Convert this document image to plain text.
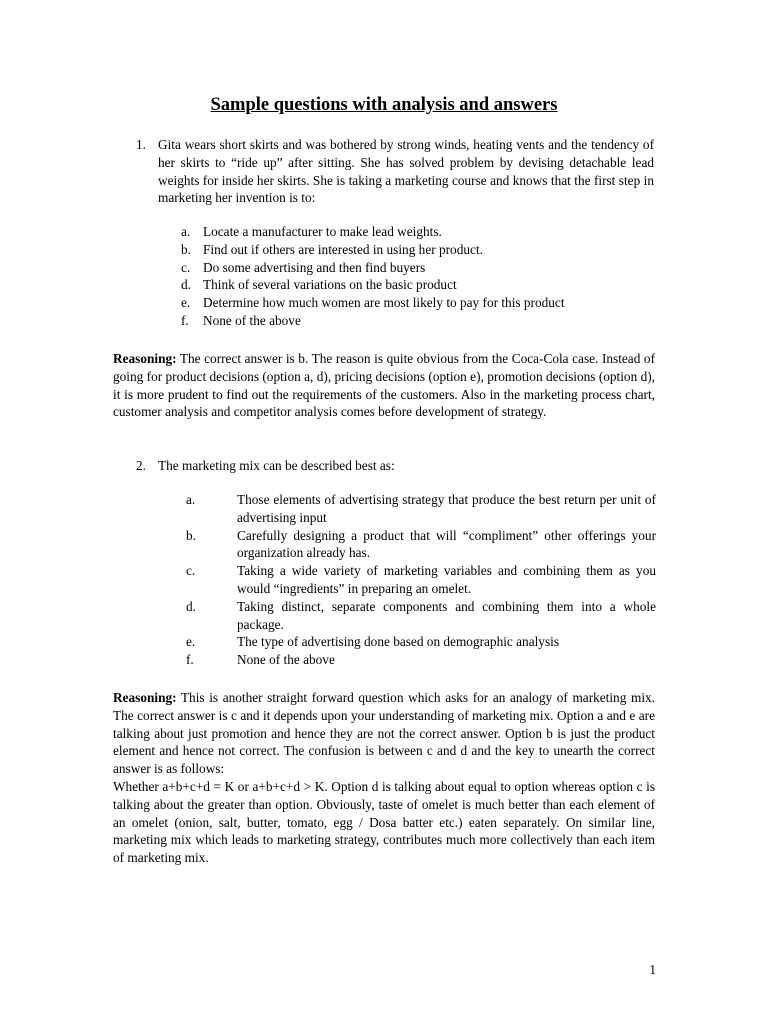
Sample questions with analysis and answers
1. Gita wears short skirts and was bothered by strong winds, heating vents and the tendency of her skirts to “ride up” after sitting. She has solved problem by devising detachable lead weights for inside her skirts. She is taking a marketing course and knows that the first step in marketing her invention is to:
a. Locate a manufacturer to make lead weights.
b. Find out if others are interested in using her product.
c. Do some advertising and then find buyers
d. Think of several variations on the basic product
e. Determine how much women are most likely to pay for this product
f.	None of the above
Reasoning: The correct answer is b. The reason is quite obvious from the Coca-Cola case. Instead of going for product decisions (option a, d), pricing decisions (option e), promotion decisions (option d), it is more prudent to find out the requirements of the customers. Also in the marketing process chart, customer analysis and competitor analysis comes before development of strategy.
2. The marketing mix can be described best as:
a.	Those elements of advertising strategy that produce the best return per unit of advertising input
b.	Carefully designing a product that will “compliment” other offerings your organization already has.
c.	Taking a wide variety of marketing variables and combining them as you would “ingredients” in preparing an omelet.
d.	Taking distinct, separate components and combining them into a whole package.
e.	The type of advertising done based on demographic analysis
f.	None of the above
Reasoning: This is another straight forward question which asks for an analogy of marketing mix. The correct answer is c and it depends upon your understanding of marketing mix. Option a and e are talking about just promotion and hence they are not the correct answer. Option b is just the product element and hence not correct. The confusion is between c and d and the key to unearth the correct answer is as follows:
Whether a+b+c+d = K or a+b+c+d > K. Option d is talking about equal to option whereas option c is talking about the greater than option. Obviously, taste of omelet is much better than each element of an omelet (onion, salt, butter, tomato, egg / Dosa batter etc.) eaten separately. On similar line, marketing mix which leads to marketing strategy, contributes much more collectively than each item of marketing mix.
1
